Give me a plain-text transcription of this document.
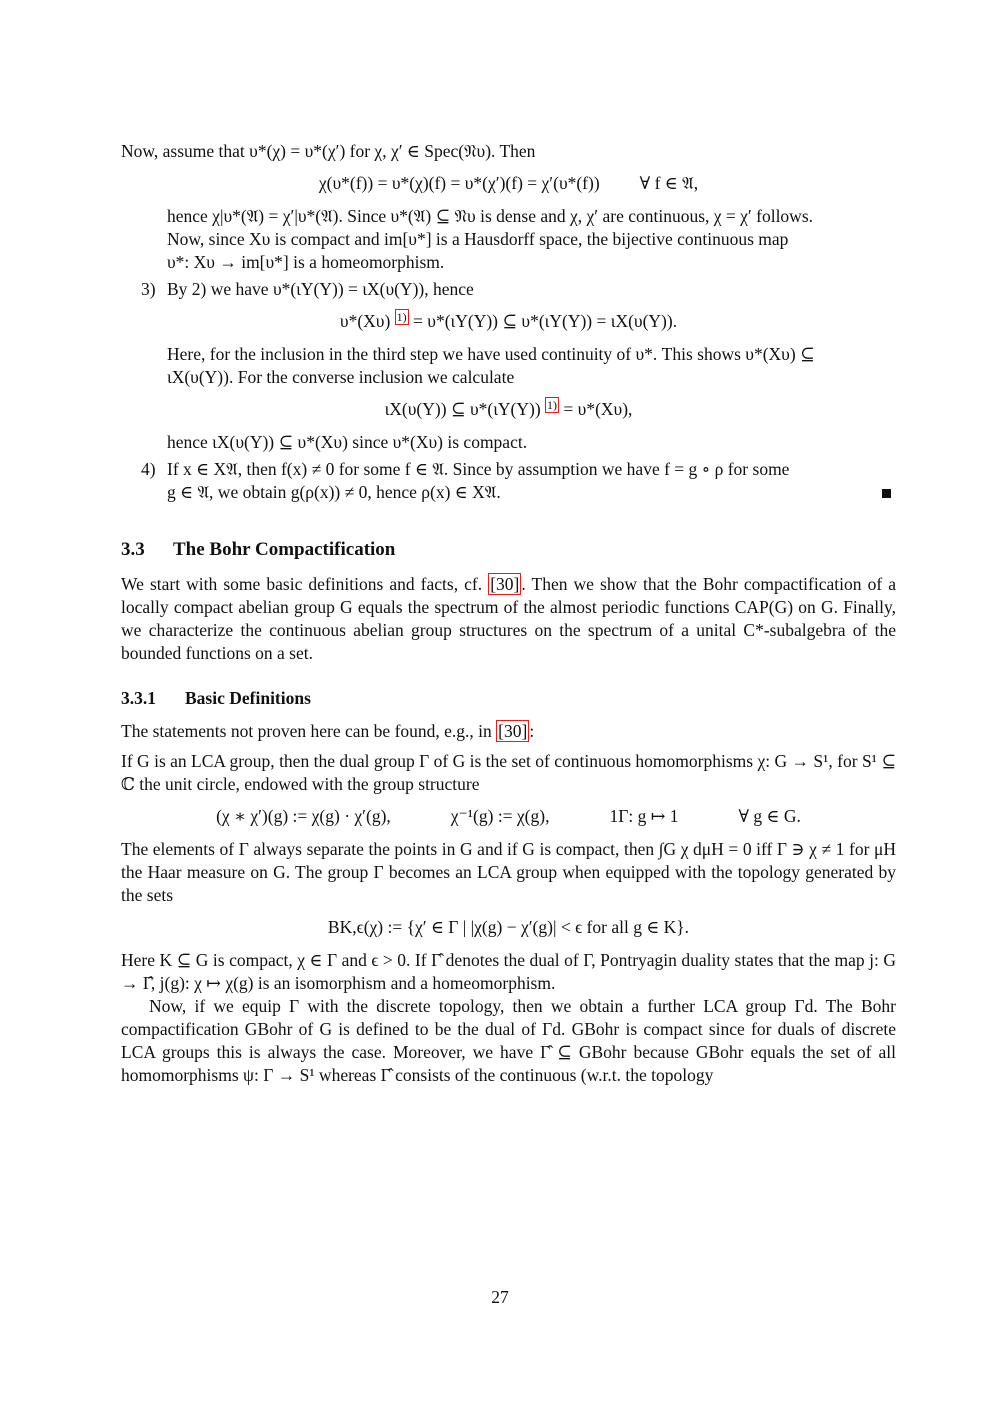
Now, assume that υ*(χ) = υ*(χ′) for χ, χ′ ∈ Spec(𝔑υ). Then

χ(υ*(f)) = υ*(χ)(f) = υ*(χ′)(f) = χ′(υ*(f)) ∀ f ∈ 𝔄,

hence χ|υ*(𝔄) = χ′|υ*(𝔄). Since υ*(𝔄) ⊆ 𝔑υ is dense and χ, χ′ are continuous, χ = χ′ follows.

Now, since Xυ is compact and im[υ*] is a Hausdorff space, the bijective continuous map

υ*: Xυ → im[υ*] is a homeomorphism.

3) By 2) we have υ*(ιY(Y)) = ιX(υ(Y)), hence

υ*(Xυ) $^{1)}$ = υ*(ιY(Y)) ⊆ υ*(ιY(Y)) = ιX(υ(Y)).

Here, for the inclusion in the third step we have used continuity of υ*. This shows υ*(Xυ) ⊆

ιX(υ(Y)). For the converse inclusion we calculate

ιX(υ(Y)) ⊆ υ*(ιY(Y)) $^{1)}$ = υ*(Xυ),

hence ιX(υ(Y)) ⊆ υ*(Xυ) since υ*(Xυ) is compact.

4) If x ∈ X𝔄, then f(x) ≠ 0 for some f ∈ 𝔄. Since by assumption we have f = g ∘ ρ for some

g ∈ 𝔄, we obtain g(ρ(x)) ≠ 0, hence ρ(x) ∈ X𝔄.

3.3 The Bohr Compactification

We start with some basic definitions and facts, cf. [30] . Then we show that the Bohr compactification of a locally compact abelian group G equals the spectrum of the almost periodic functions CAP(G) on G. Finally, we characterize the continuous abelian group structures on the spectrum of a unital C*-subalgebra of the bounded functions on a set.

3.3.1 Basic Definitions

The statements not proven here can be found, e.g., in [30] :

If G is an LCA group, then the dual group Γ of G is the set of continuous homomorphisms χ: G → S¹, for S¹ ⊆ ℂ the unit circle, endowed with the group structure

(χ ∗ χ′)(g) := χ(g) · χ′(g),	χ⁻¹(g) := χ(g),	1Γ: g ↦ 1	∀ g ∈ G.

The elements of Γ always separate the points in G and if G is compact, then ∫G χ dμH = 0 iff Γ ∋ χ ≠ 1 for μH the Haar measure on G. The group Γ becomes an LCA group when equipped with the topology generated by the sets

BK,ϵ(χ) := {χ′ ∈ Γ | |χ(g) − χ′(g)| < ϵ for all g ∈ K}.

Here K ⊆ G is compact, χ ∈ Γ and ϵ > 0. If Γ̂ denotes the dual of Γ, Pontryagin duality states that the map j: G → Γ̂, j(g): χ ↦ χ(g) is an isomorphism and a homeomorphism.

Now, if we equip Γ with the discrete topology, then we obtain a further LCA group Γd. The Bohr compactification GBohr of G is defined to be the dual of Γd. GBohr is compact since for duals of discrete LCA groups this is always the case. Moreover, we have Γ̂ ⊆ GBohr because GBohr equals the set of all homomorphisms ψ: Γ → S¹ whereas Γ̂ consists of the continuous (w.r.t. the topology

27
